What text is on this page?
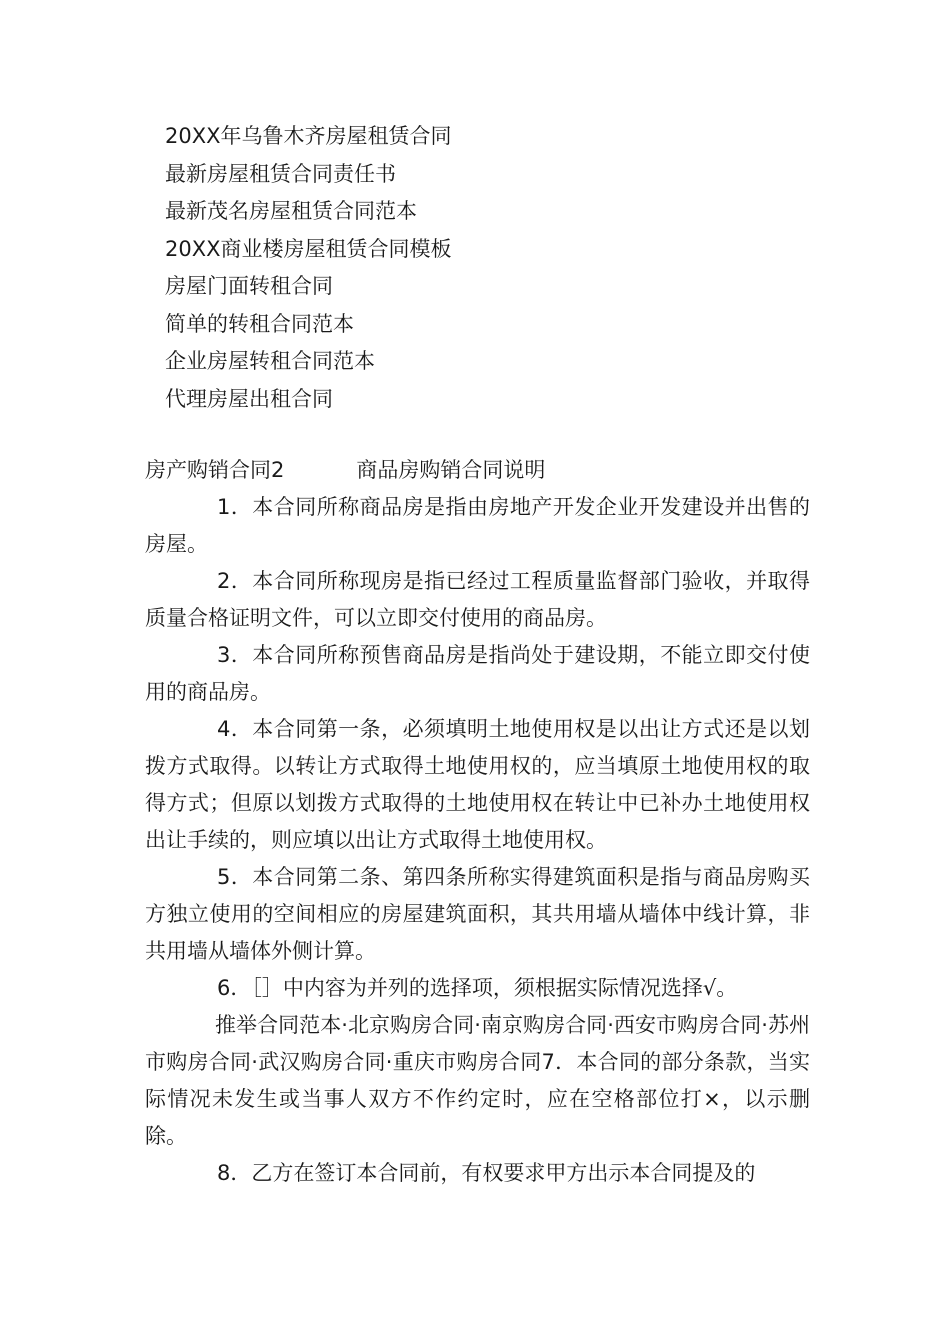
20XX年乌鲁木齐房屋租赁合同
最新房屋租赁合同责任书
最新茂名房屋租赁合同范本
20XX商业楼房屋租赁合同模板
房屋门面转租合同
简单的转租合同范本
企业房屋转租合同范本
代理房屋出租合同
房产购销合同2	商品房购销合同说明

1．本合同所称商品房是指由房地产开发企业开发建设并出售的房屋。

2．本合同所称现房是指已经过工程质量监督部门验收，并取得质量合格证明文件，可以立即交付使用的商品房。

3．本合同所称预售商品房是指尚处于建设期，不能立即交付使用的商品房。

4．本合同第一条，必须填明土地使用权是以出让方式还是以划拨方式取得。以转让方式取得土地使用权的，应当填原土地使用权的取得方式；但原以划拨方式取得的土地使用权在转让中已补办土地使用权出让手续的，则应填以出让方式取得土地使用权。

5．本合同第二条、第四条所称实得建筑面积是指与商品房购买方独立使用的空间相应的房屋建筑面积，其共用墙从墙体中线计算，非共用墙从墙体外侧计算。

6．［］中内容为并列的选择项，须根据实际情况选择√。

推举合同范本·北京购房合同·南京购房合同·西安市购房合同·苏州市购房合同·武汉购房合同·重庆市购房合同7．本合同的部分条款，当实际情况未发生或当事人双方不作约定时，应在空格部位打×，以示删除。

8．乙方在签订本合同前，有权要求甲方出示本合同提及的
